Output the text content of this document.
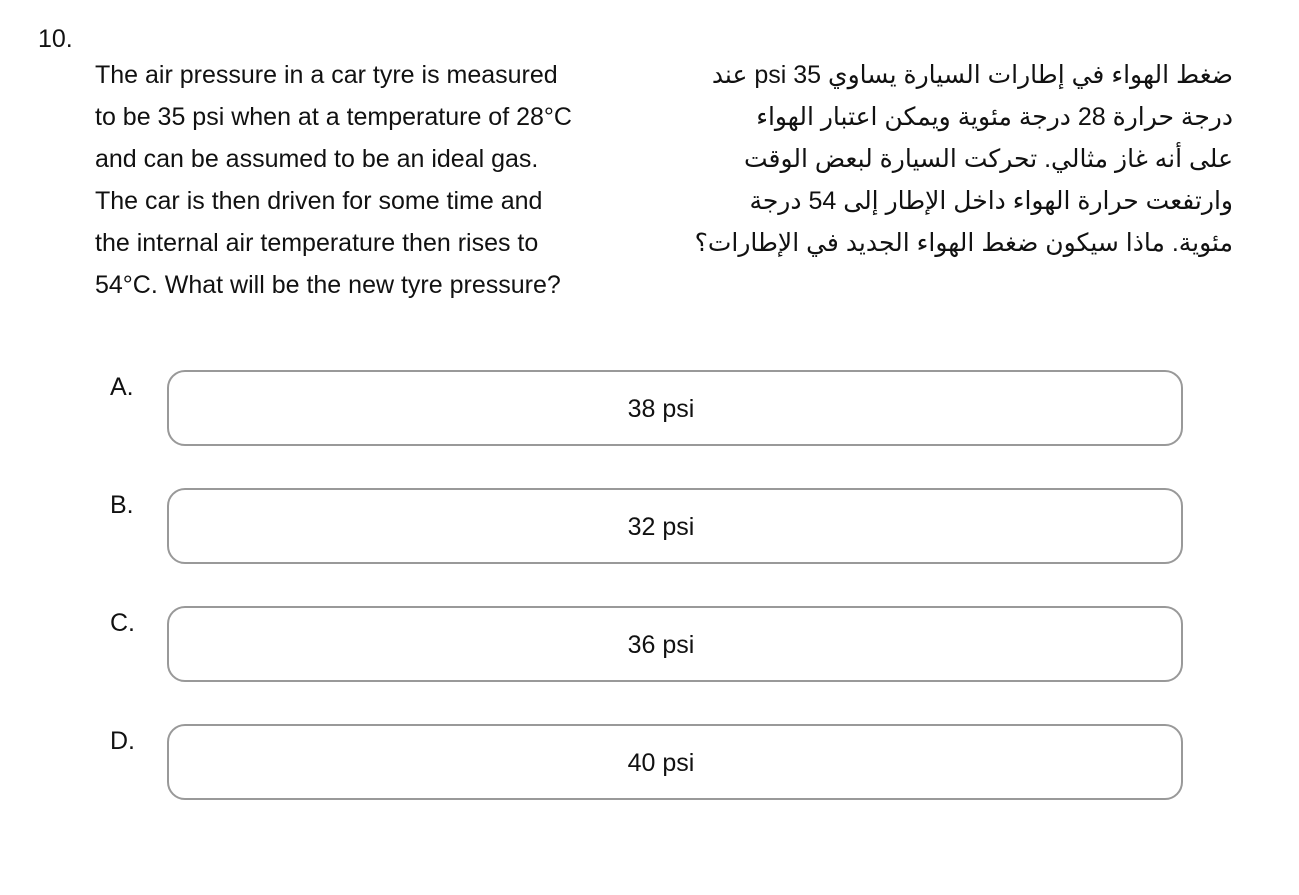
10.
The air pressure in a car tyre is measured
to be 35 psi when at a temperature of 28°C
and can be assumed to be an ideal gas.
The car is then driven for some time and
the internal air temperature then rises to
54°C. What will be the new tyre pressure?
ضغط الهواء في إطارات السيارة يساوي 35 psi عند
درجة حرارة 28 درجة مئوية ويمكن اعتبار الهواء
على أنه غاز مثالي. تحركت السيارة لبعض الوقت
وارتفعت حرارة الهواء داخل الإطار إلى 54 درجة
مئوية. ماذا سيكون ضغط الهواء الجديد في الإطارات؟
A.
38 psi
B.
32 psi
C.
36 psi
D.
40 psi
